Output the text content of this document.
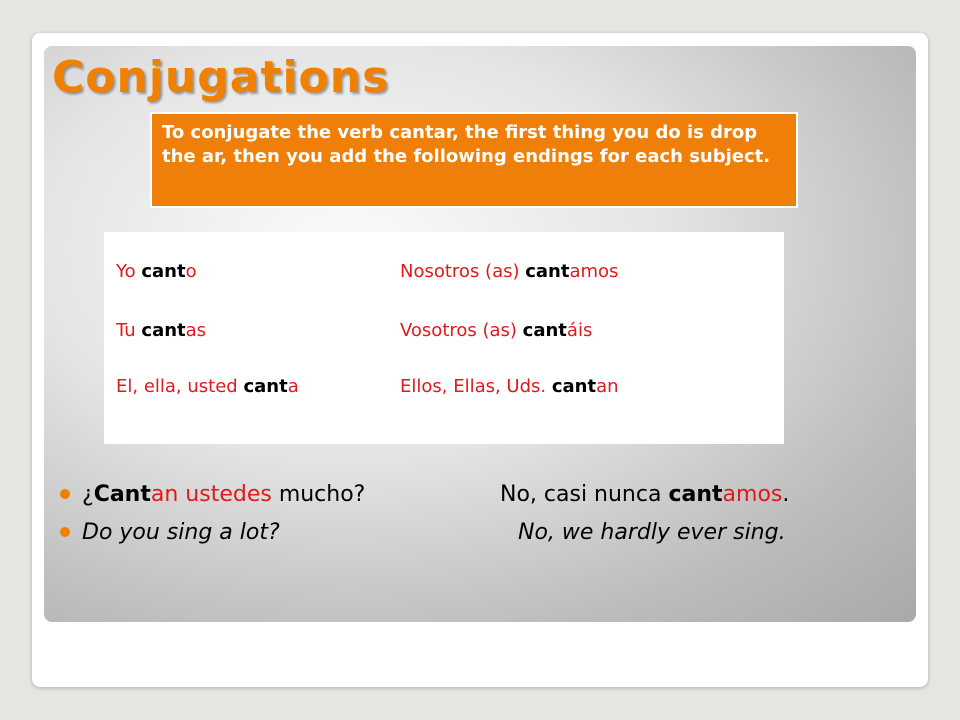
Conjugations
To conjugate the verb cantar, the first thing you do is drop the ar, then you add the following endings for each subject.
Yo canto	Nosotros (as) cantamos
Tu cantas	Vosotros (as) cantáis
El, ella, usted canta	Ellos, Ellas, Uds. cantan
¿Cantan ustedes mucho?	No, casi nunca cantamos.
Do you sing a lot?	No, we hardly ever sing.
